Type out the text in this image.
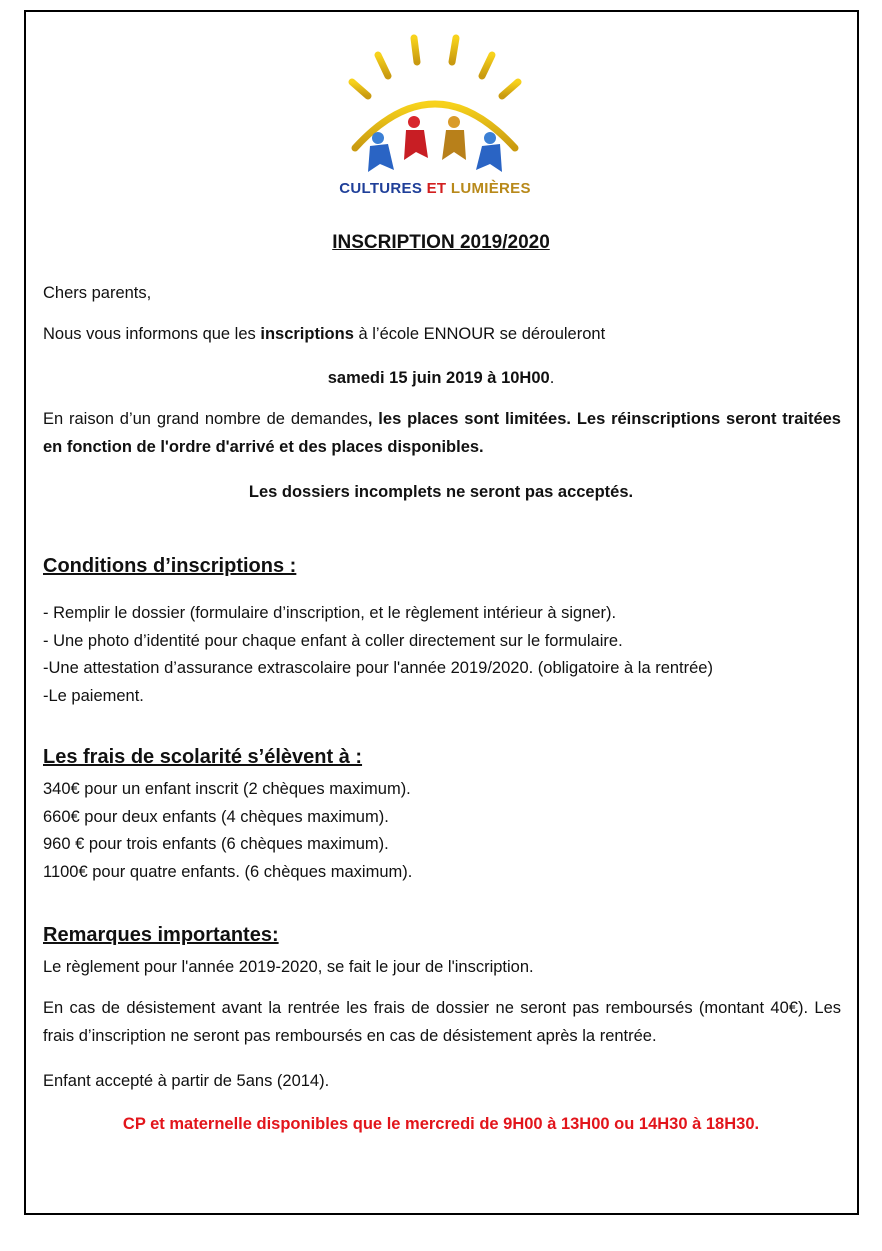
CULTURES ET LUMIÈRES
INSCRIPTION 2019/2020

Chers parents,

Nous vous informons que les inscriptions à l’école ENNOUR se dérouleront

samedi 15 juin 2019 à 10H00.

En raison d’un grand nombre de demandes, les places sont limitées. Les réinscriptions seront traitées en fonction de l'ordre d'arrivé et des places disponibles.

Les dossiers incomplets ne seront pas acceptés.

Conditions d’inscriptions :
- Remplir le dossier (formulaire d’inscription, et le règlement intérieur à signer).
- Une photo d’identité pour chaque enfant à coller directement sur le formulaire.
-Une attestation d’assurance extrascolaire pour l'année 2019/2020. (obligatoire à la rentrée)
-Le paiement.
Les frais de scolarité s’élèvent à :
340€ pour un enfant inscrit (2 chèques maximum).
660€ pour deux enfants (4 chèques maximum).
960 € pour trois enfants (6 chèques maximum).
1100€ pour quatre enfants. (6 chèques maximum).
Remarques importantes:

Le règlement pour l'année 2019-2020, se fait le jour de l'inscription.

En cas de désistement avant la rentrée les frais de dossier ne seront pas remboursés (montant 40€). Les frais d’inscription ne seront pas remboursés en cas de désistement après la rentrée.

Enfant accepté à partir de 5ans (2014).

CP et maternelle disponibles que le mercredi de 9H00 à 13H00 ou 14H30 à 18H30.
